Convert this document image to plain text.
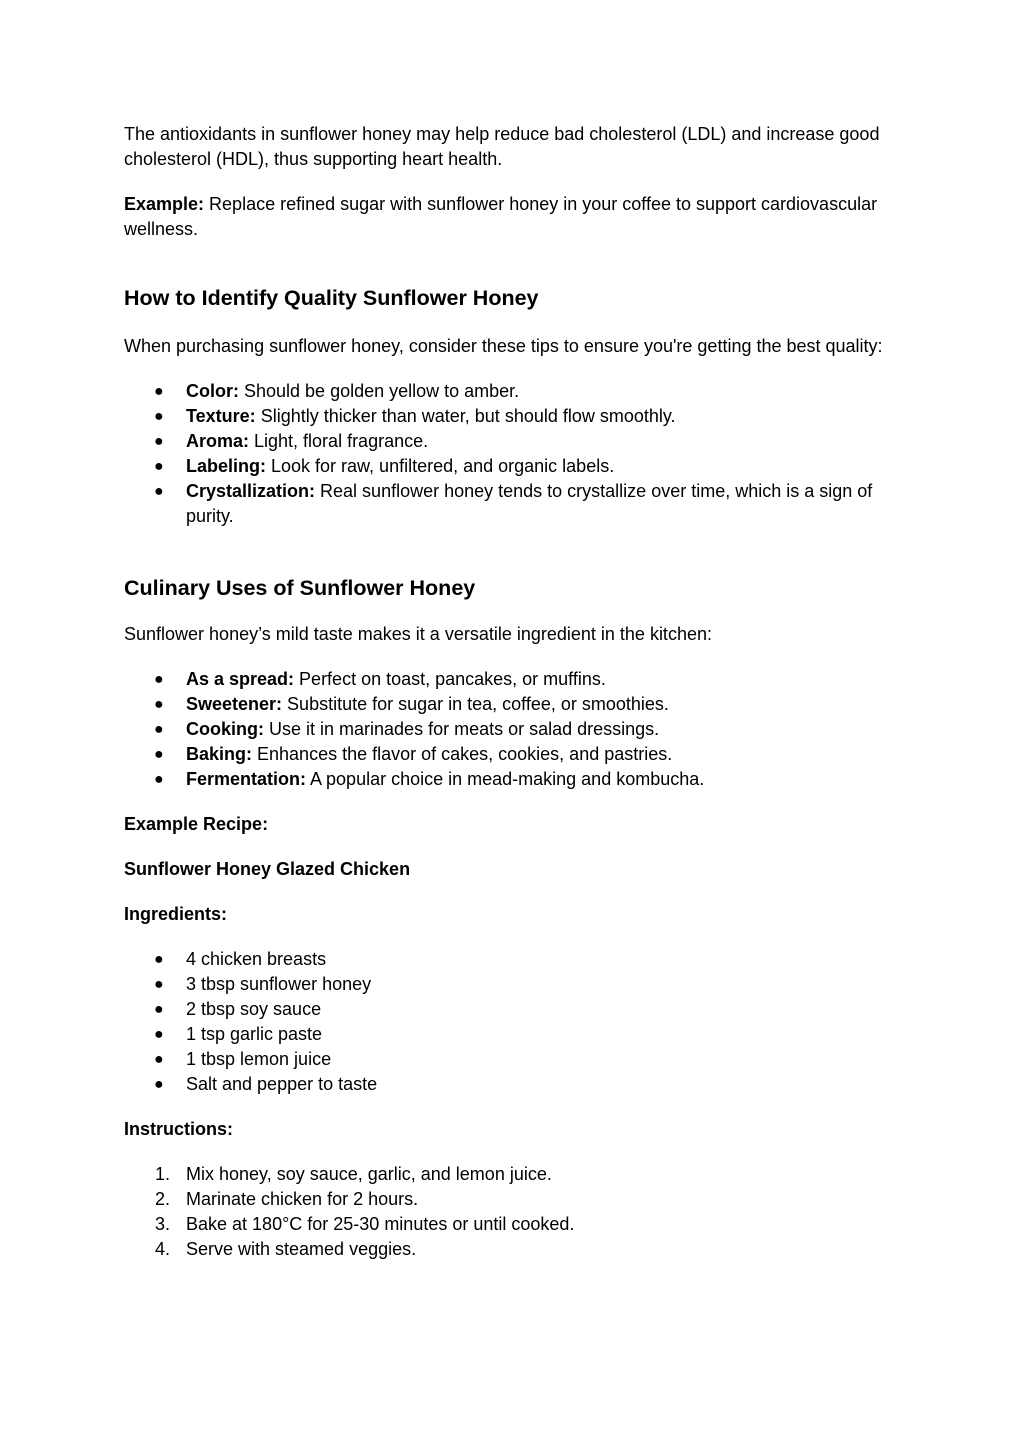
The antioxidants in sunflower honey may help reduce bad cholesterol (LDL) and increase good cholesterol (HDL), thus supporting heart health.

Example: Replace refined sugar with sunflower honey in your coffee to support cardiovascular wellness.

How to Identify Quality Sunflower Honey

When purchasing sunflower honey, consider these tips to ensure you're getting the best quality:

● Color: Should be golden yellow to amber.
● Texture: Slightly thicker than water, but should flow smoothly.
● Aroma: Light, floral fragrance.
● Labeling: Look for raw, unfiltered, and organic labels.
● Crystallization: Real sunflower honey tends to crystallize over time, which is a sign of purity.
Culinary Uses of Sunflower Honey

Sunflower honey’s mild taste makes it a versatile ingredient in the kitchen:

● As a spread: Perfect on toast, pancakes, or muffins.
● Sweetener: Substitute for sugar in tea, coffee, or smoothies.
● Cooking: Use it in marinades for meats or salad dressings.
● Baking: Enhances the flavor of cakes, cookies, and pastries.
● Fermentation: A popular choice in mead-making and kombucha.

Example Recipe:

Sunflower Honey Glazed Chicken

Ingredients:

● 4 chicken breasts
● 3 tbsp sunflower honey
● 2 tbsp soy sauce
● 1 tsp garlic paste
● 1 tbsp lemon juice
● Salt and pepper to taste

Instructions:

1. Mix honey, soy sauce, garlic, and lemon juice.
2. Marinate chicken for 2 hours.
3. Bake at 180°C for 25-30 minutes or until cooked.
4. Serve with steamed veggies.
